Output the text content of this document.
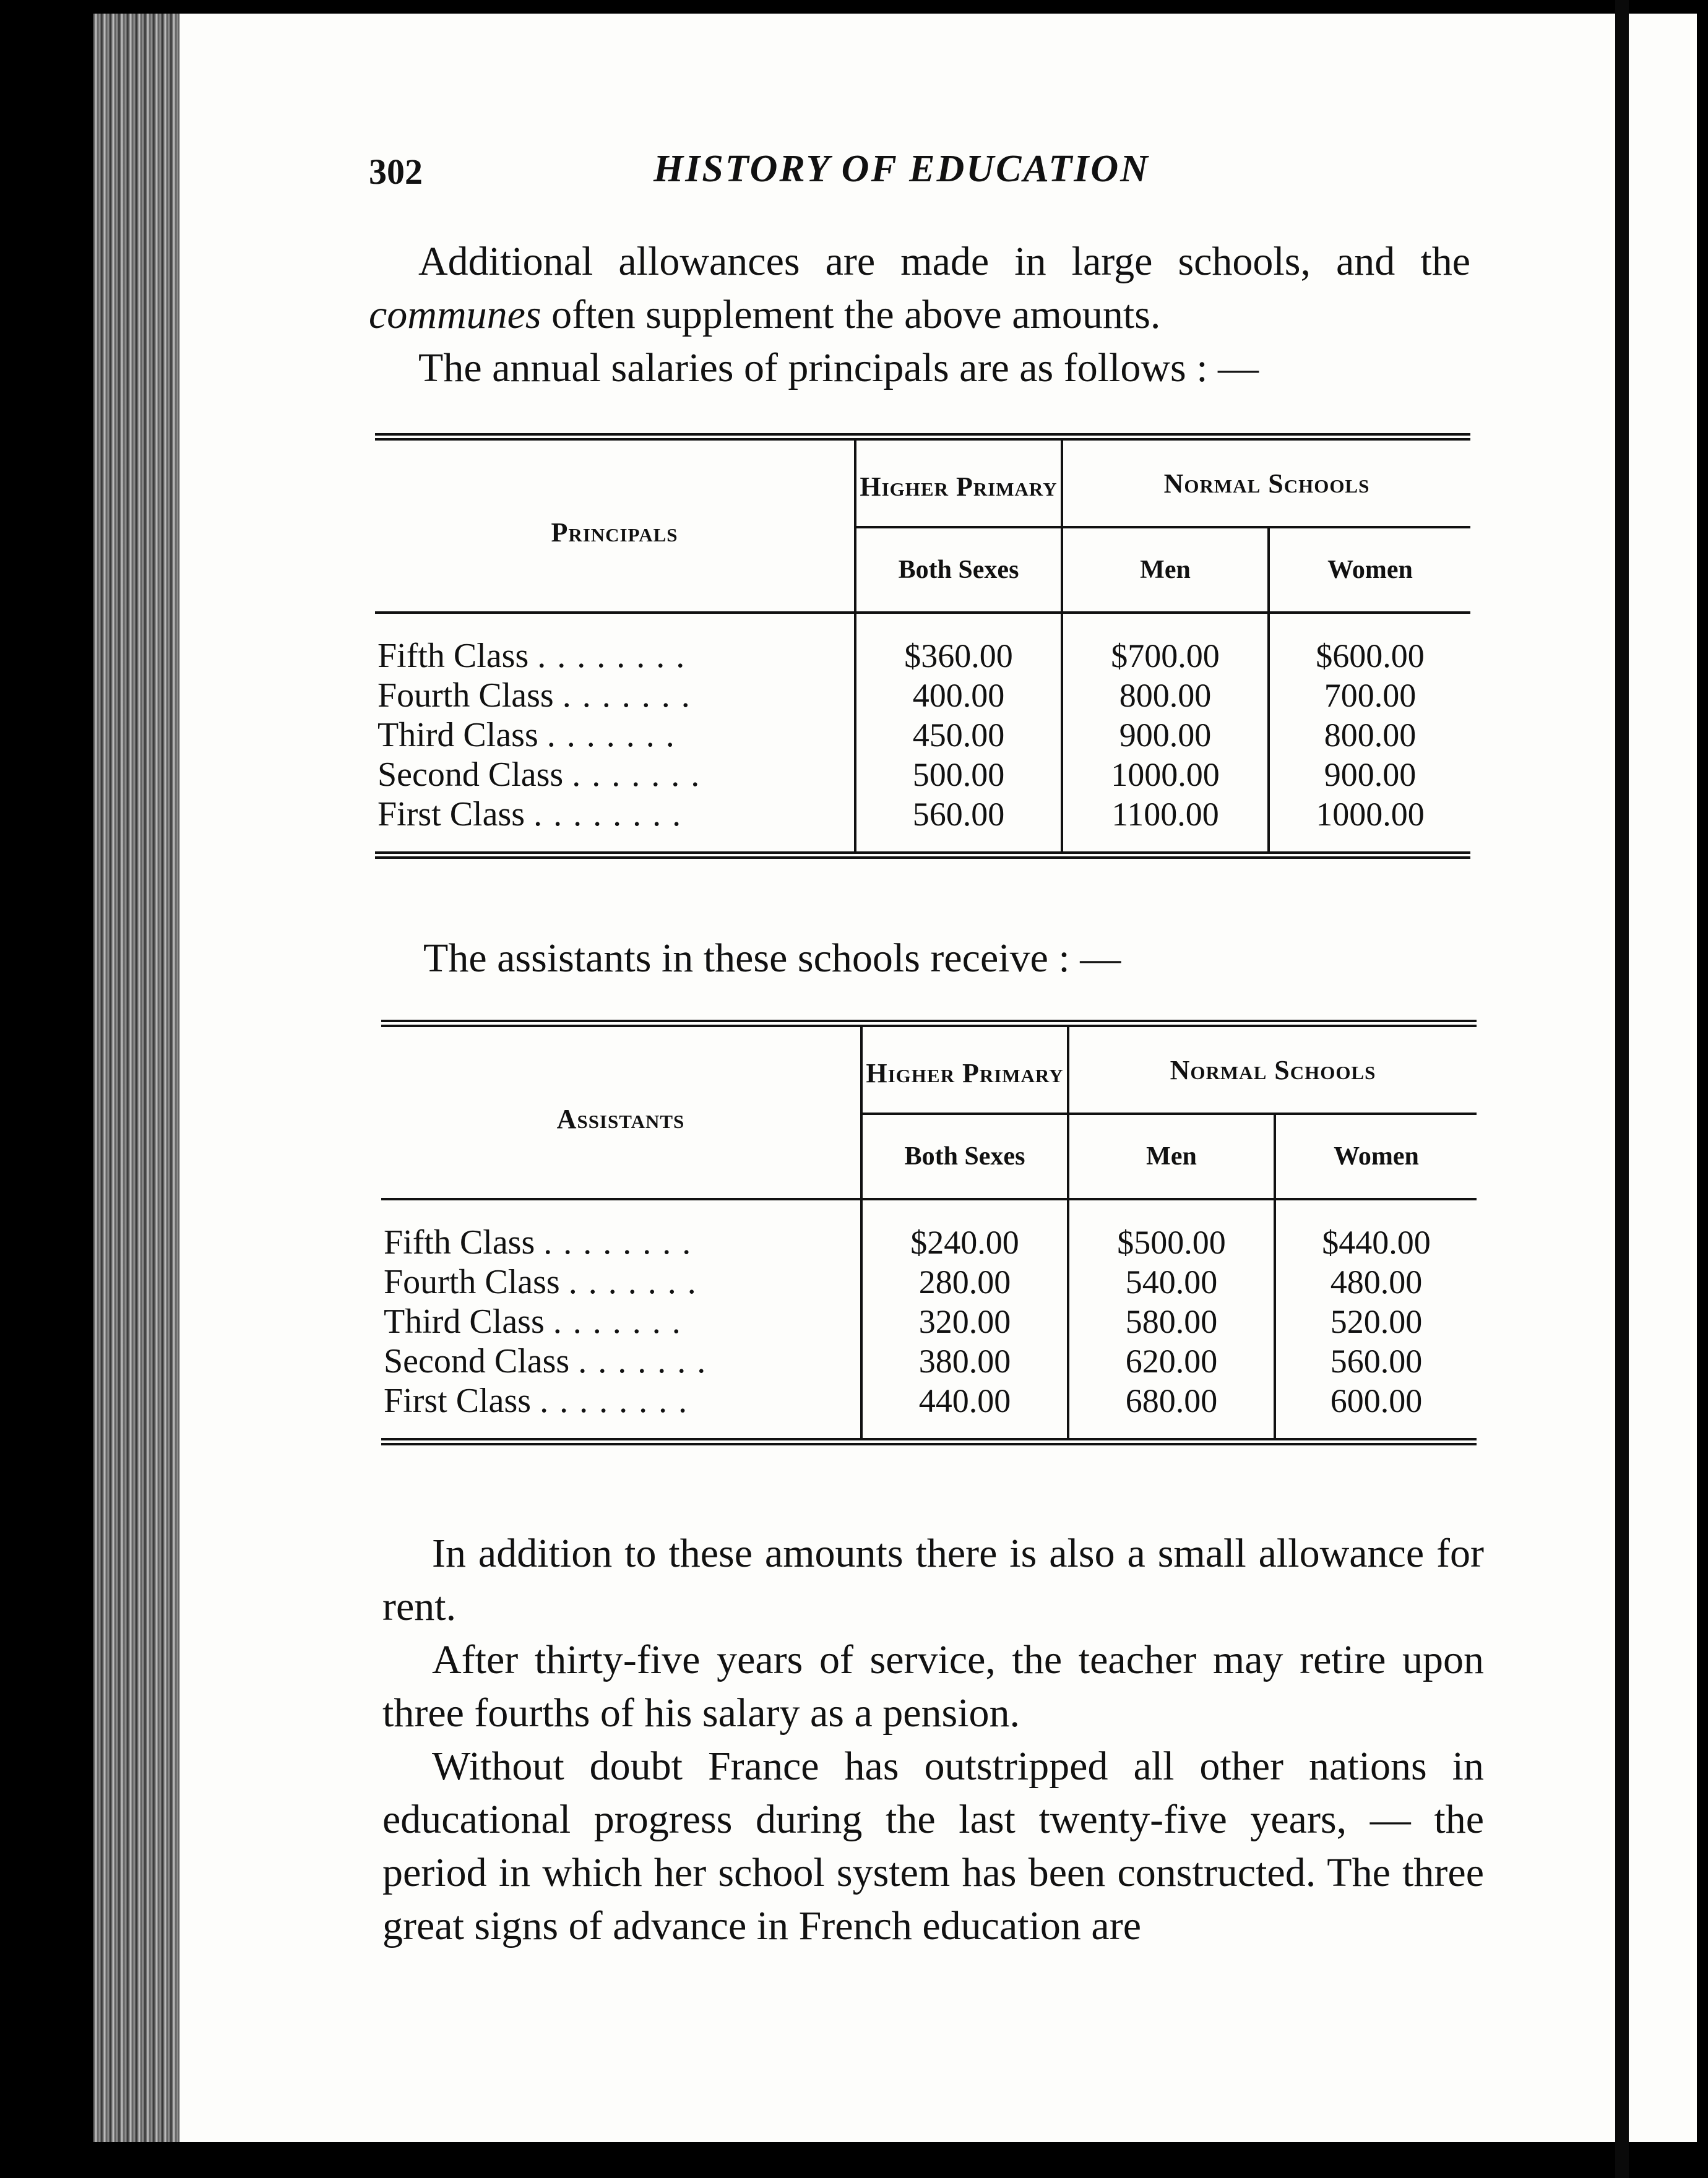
302	HISTORY OF EDUCATION

Additional allowances are made in large schools, and the communes often supplement the above amounts.

The annual salaries of principals are as follows : —

Principals	Higher Primary	Normal Schools	
	Both Sexes	Men	Women
Fifth Class ........	$360.00	$700.00	$600.00
Fourth Class .......	400.00	800.00	700.00
Third Class .......	450.00	900.00	800.00
Second Class .......	500.00	1000.00	900.00
First Class ........	560.00	1100.00	1000.00

The assistants in these schools receive : —

Assistants	Higher Primary	Normal Schools	
	Both Sexes	Men	Women
Fifth Class ........	$240.00	$500.00	$440.00
Fourth Class .......	280.00	540.00	480.00
Third Class .......	320.00	580.00	520.00
Second Class .......	380.00	620.00	560.00
First Class ........	440.00	680.00	600.00

In addition to these amounts there is also a small allowance for rent.

After thirty-five years of service, the teacher may retire upon three fourths of his salary as a pension.

Without doubt France has outstripped all other nations in educational progress during the last twenty-five years, — the period in which her school system has been constructed. The three great signs of advance in French education are
